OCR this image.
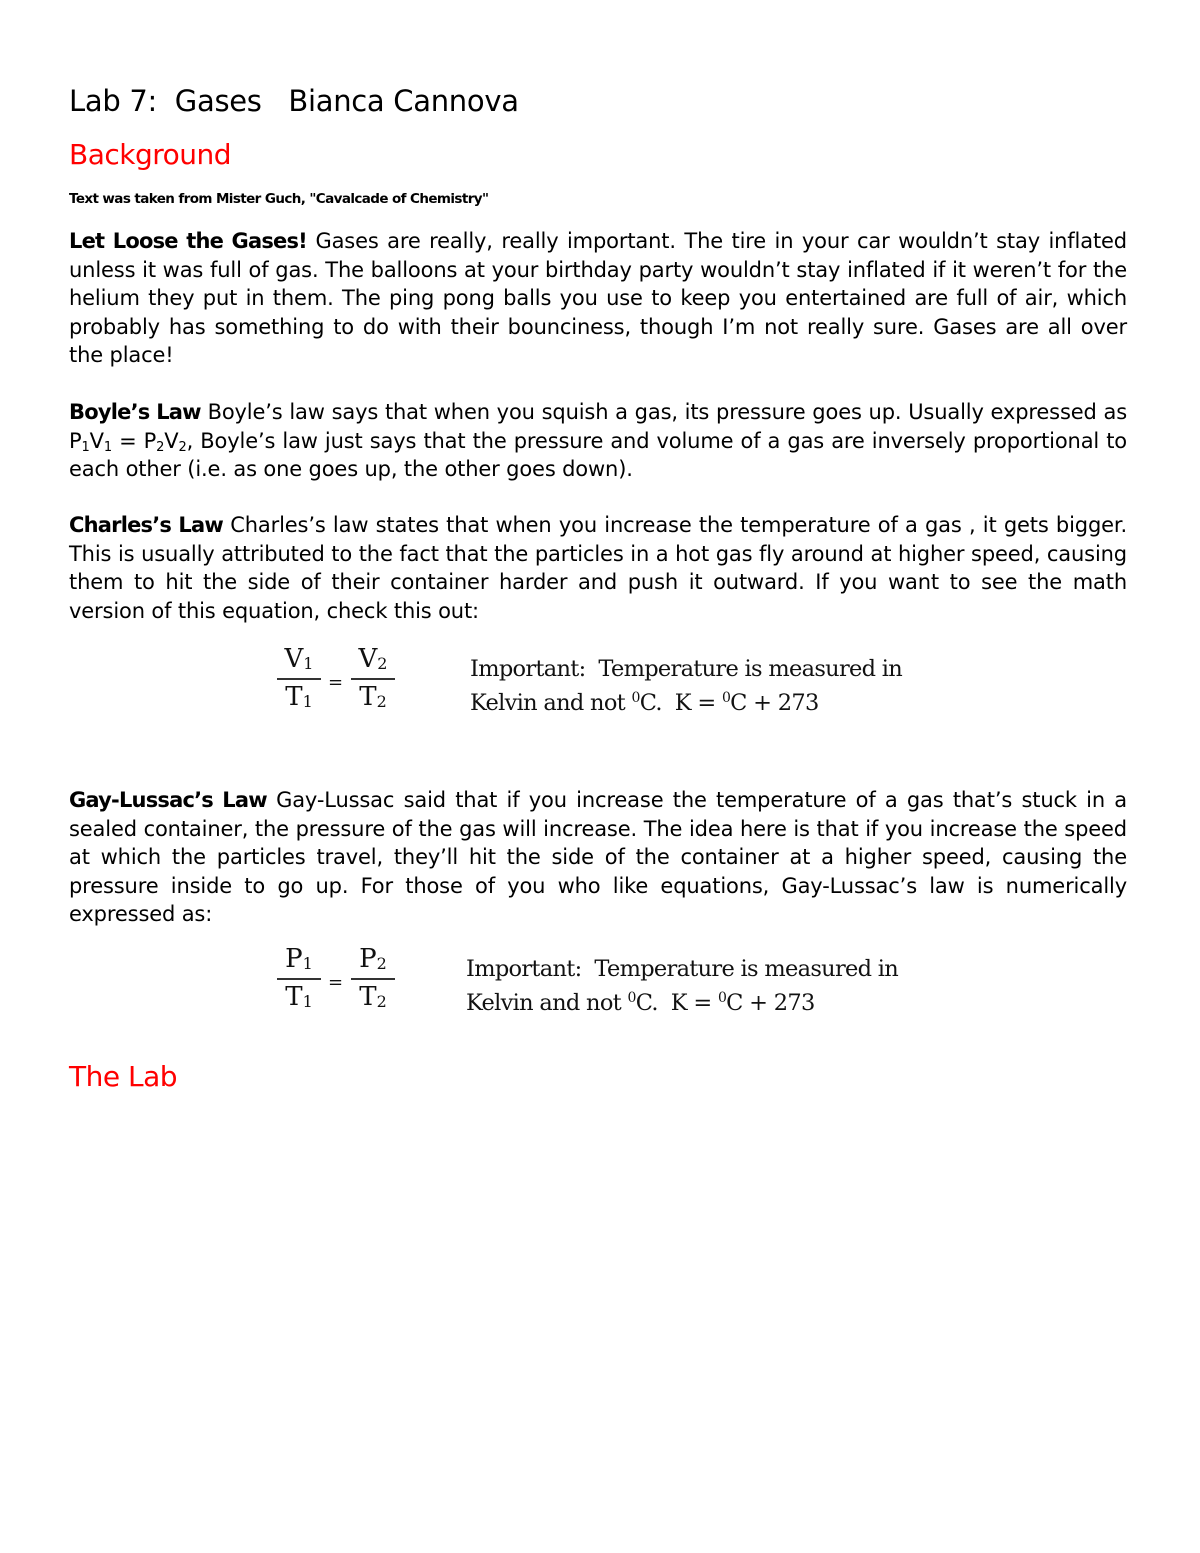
Lab 7:  Gases   Bianca Cannova
Background
Text was taken from Mister Guch, "Cavalcade of Chemistry"

Let Loose the Gases! Gases are really, really important. The tire in your car wouldn’t stay inflated unless it was full of gas. The balloons at your birthday party wouldn’t stay inflated if it weren’t for the helium they put in them. The ping pong balls you use to keep you entertained are full of air, which probably has something to do with their bounciness, though I’m not really sure. Gases are all over the place!

Boyle’s Law Boyle’s law says that when you squish a gas, its pressure goes up. Usually expressed as $P_1V_1 = P_2V_2$, Boyle’s law just says that the pressure and volume of a gas are inversely proportional to each other (i.e. as one goes up, the other goes down).

Charles’s Law Charles’s law states that when you increase the temperature of a gas , it gets bigger. This is usually attributed to the fact that the particles in a hot gas fly around at higher speed, causing them to hit the side of their container harder and push it outward. If you want to see the math version of this equation, check this out:

$V_1$
$T_1$
=
$V_2$
$T_2$
Important:  Temperature is measured in
Kelvin and not $^0$C.  K = $^0$C + 273

Gay-Lussac’s Law Gay-Lussac said that if you increase the temperature of a gas that’s stuck in a sealed container, the pressure of the gas will increase. The idea here is that if you increase the speed at which the particles travel, they’ll hit the side of the container at a higher speed, causing the pressure inside to go up. For those of you who like equations, Gay-Lussac’s law is numerically expressed as:

$P_1$
$T_1$
=
$P_2$
$T_2$
Important:  Temperature is measured in
Kelvin and not $^0$C.  K = $^0$C + 273
The Lab
